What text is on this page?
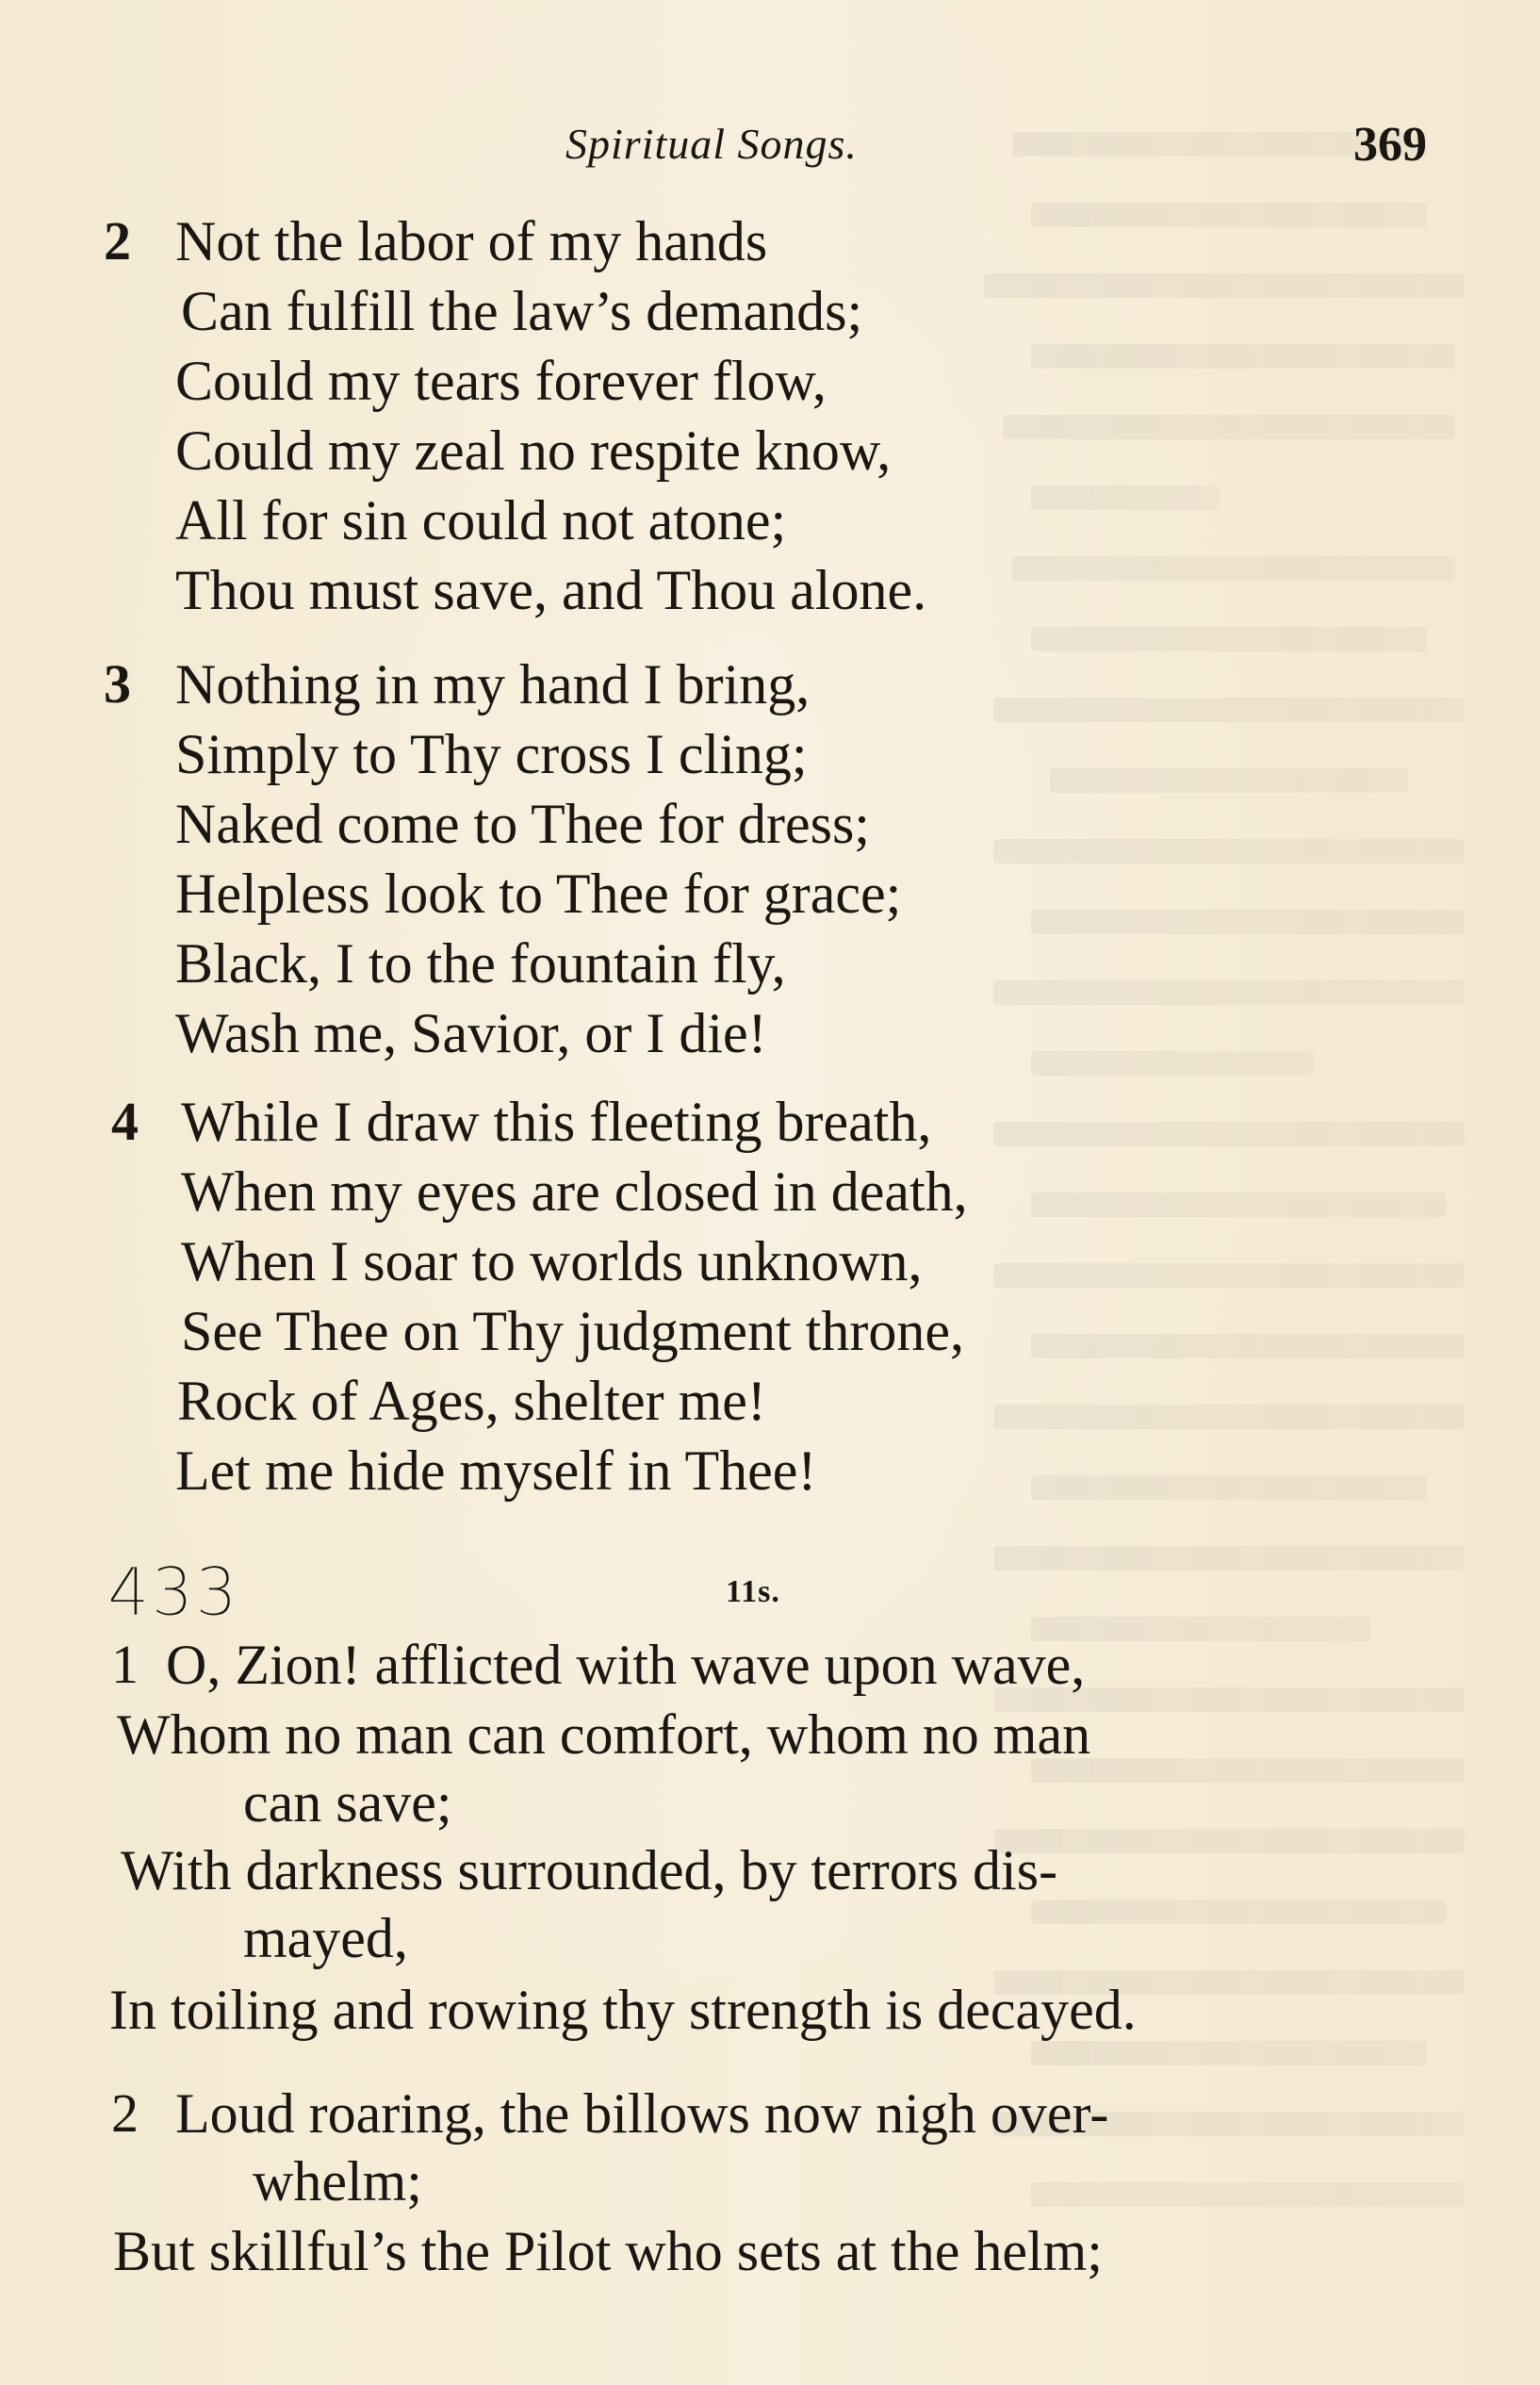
Spiritual Songs.	369
2 Not the labor of my hands
Can fulfill the law’s demands;
Could my tears forever flow,
Could my zeal no respite know,
All for sin could not atone;
Thou must save, and Thou alone.
3 Nothing in my hand I bring,
Simply to Thy cross I cling;
Naked come to Thee for dress;
Helpless look to Thee for grace;
Black, I to the fountain fly,
Wash me, Savior, or I die!
4 While I draw this fleeting breath,
When my eyes are closed in death,
When I soar to worlds unknown,
See Thee on Thy judgment throne,
Rock of Ages, shelter me!
Let me hide myself in Thee!
433	11s.
1 O, Zion! afflicted with wave upon wave,
Whom no man can comfort, whom no man
can save;
With darkness surrounded, by terrors dis-
mayed,
In toiling and rowing thy strength is decayed.
2 Loud roaring, the billows now nigh over-
whelm;
But skillful’s the Pilot who sets at the helm;
